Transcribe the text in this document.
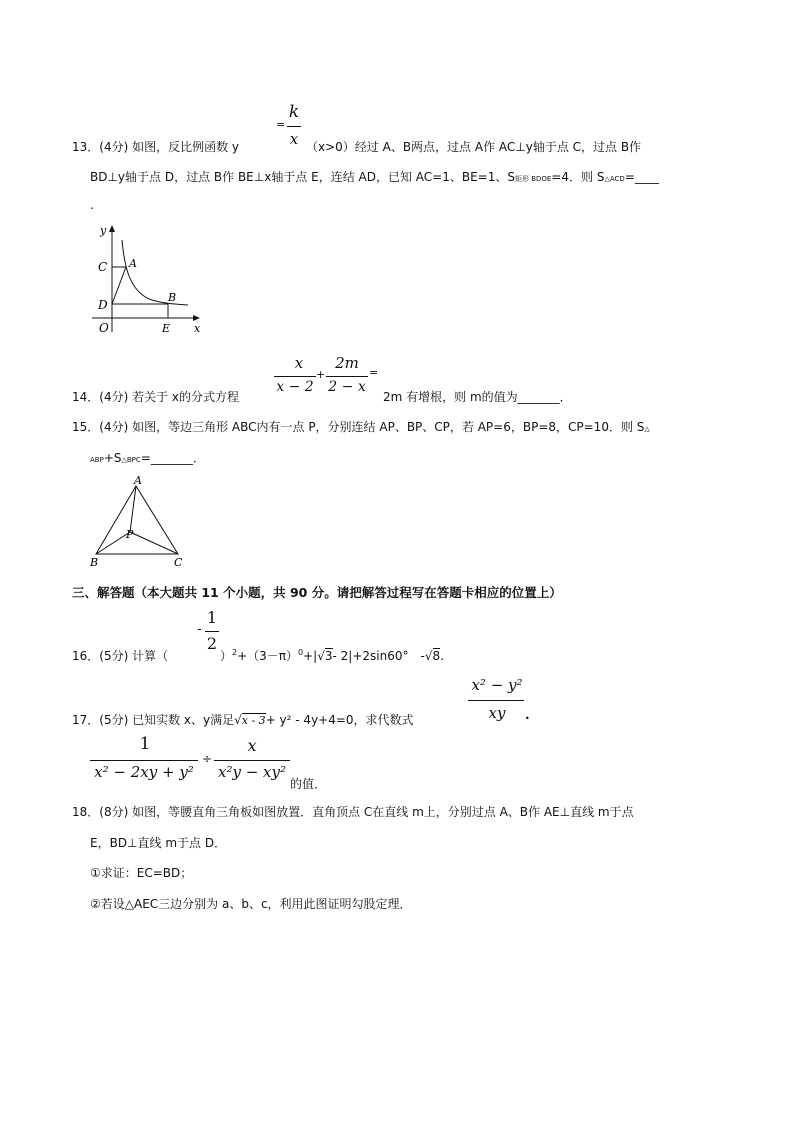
=
k
x
13．(4分) 如图，反比例函数 y	（x>0）经过 A、B两点，过点 A作 AC⊥y轴于点 C，过点 B作
BD⊥y轴于点 D，过点 B作 BE⊥x轴于点 E，连结 AD，已知 AC=1、BE=1、S矩形 BDOE=4．则 S△ACD=____
.
y
C A
D
B
O	E x
x
x − 2
+
2m
2 − x
=
14．(4分) 若关于 x的分式方程	2m 有增根，则 m的值为_______．
15．(4分) 如图，等边三角形 ABC内有一点 P，分别连结 AP、BP、CP，若 AP=6，BP=8，CP=10．则 S△
ABP+S△BPC=_______．
A
P
B	C
三、解答题（本大题共 11 个小题，共 90 分。请把解答过程写在答题卡相应的位置上）
-
1
2
16．(5分) 计算（	）$^2+(3-\pi)^0+|√3-$ 2|+2sin60°　-√8.
x² − y²
xy	.
17．(5分) 已知实数 x、y满足√x - 3+ y² - 4y+4=0，求代数式
1
x² − 2xy + y²
÷
x
x²y − xy²
的值．
18．(8分) 如图，等腰直角三角板如图放置．直角顶点 C在直线 m上，分别过点 A、B作 AE⊥直线 m于点
E，BD⊥直线 m于点 D．
①求证：EC=BD；
②若设△AEC三边分别为 a、b、c，利用此图证明勾股定理．
